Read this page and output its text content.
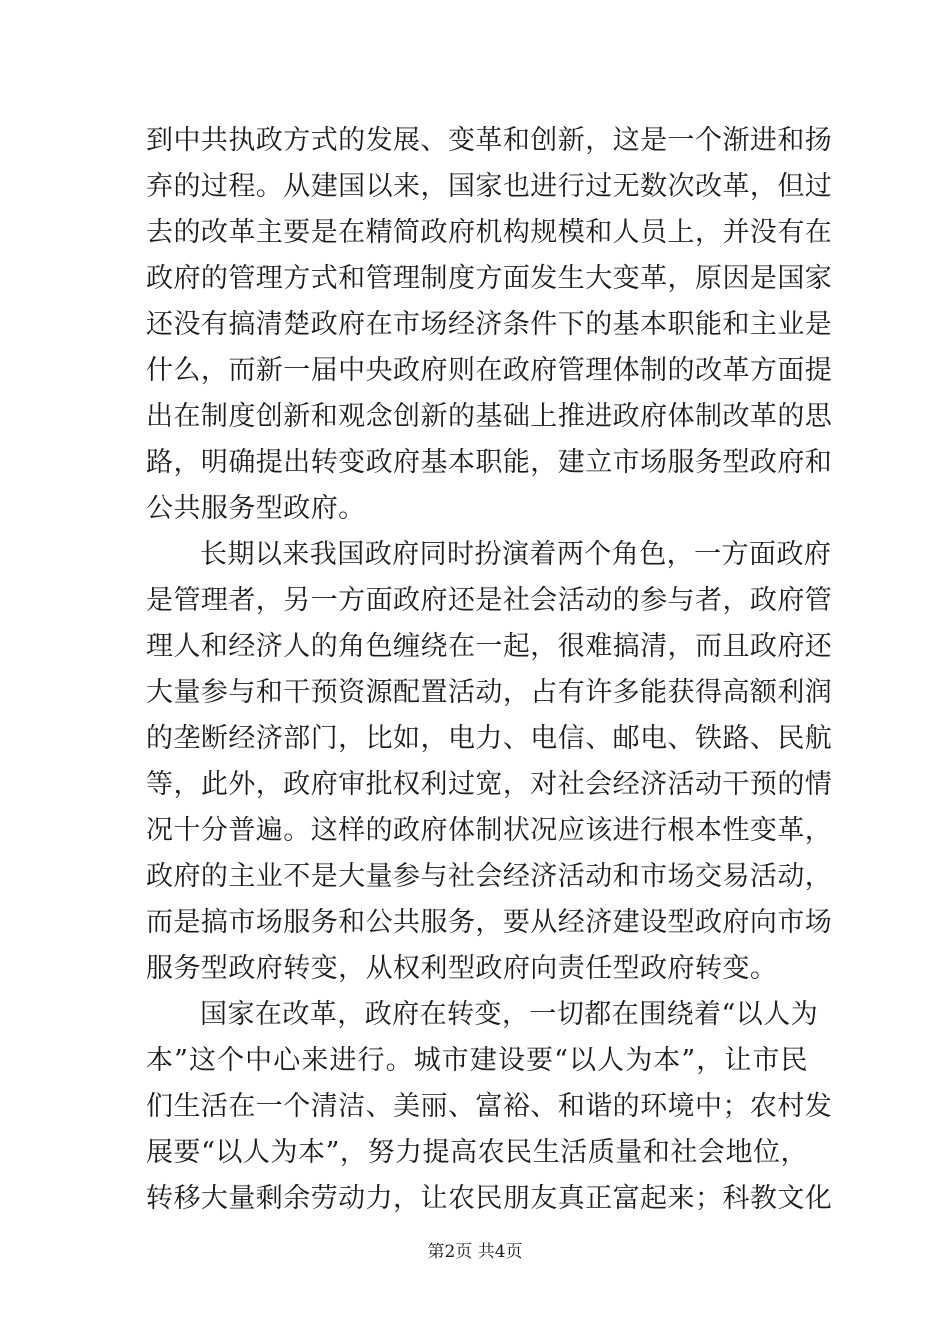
到中共执政方式的发展、变革和创新，这是一个渐进和扬
弃的过程。从建国以来，国家也进行过无数次改革，但过
去的改革主要是在精简政府机构规模和人员上，并没有在
政府的管理方式和管理制度方面发生大变革，原因是国家
还没有搞清楚政府在市场经济条件下的基本职能和主业是
什么，而新一届中央政府则在政府管理体制的改革方面提
出在制度创新和观念创新的基础上推进政府体制改革的思
路，明确提出转变政府基本职能，建立市场服务型政府和
公共服务型政府。
长期以来我国政府同时扮演着两个角色，一方面政府
是管理者，另一方面政府还是社会活动的参与者，政府管
理人和经济人的角色缠绕在一起，很难搞清，而且政府还
大量参与和干预资源配置活动，占有许多能获得高额利润
的垄断经济部门，比如，电力、电信、邮电、铁路、民航
等，此外，政府审批权利过宽，对社会经济活动干预的情
况十分普遍。这样的政府体制状况应该进行根本性变革，
政府的主业不是大量参与社会经济活动和市场交易活动，
而是搞市场服务和公共服务，要从经济建设型政府向市场
服务型政府转变，从权利型政府向责任型政府转变。
国家在改革，政府在转变，一切都在围绕着“以人为
本”这个中心来进行。城市建设要“以人为本”，让市民
们生活在一个清洁、美丽、富裕、和谐的环境中；农村发
展要“以人为本”，努力提高农民生活质量和社会地位，
转移大量剩余劳动力，让农民朋友真正富起来；科教文化
第2页 共4页
